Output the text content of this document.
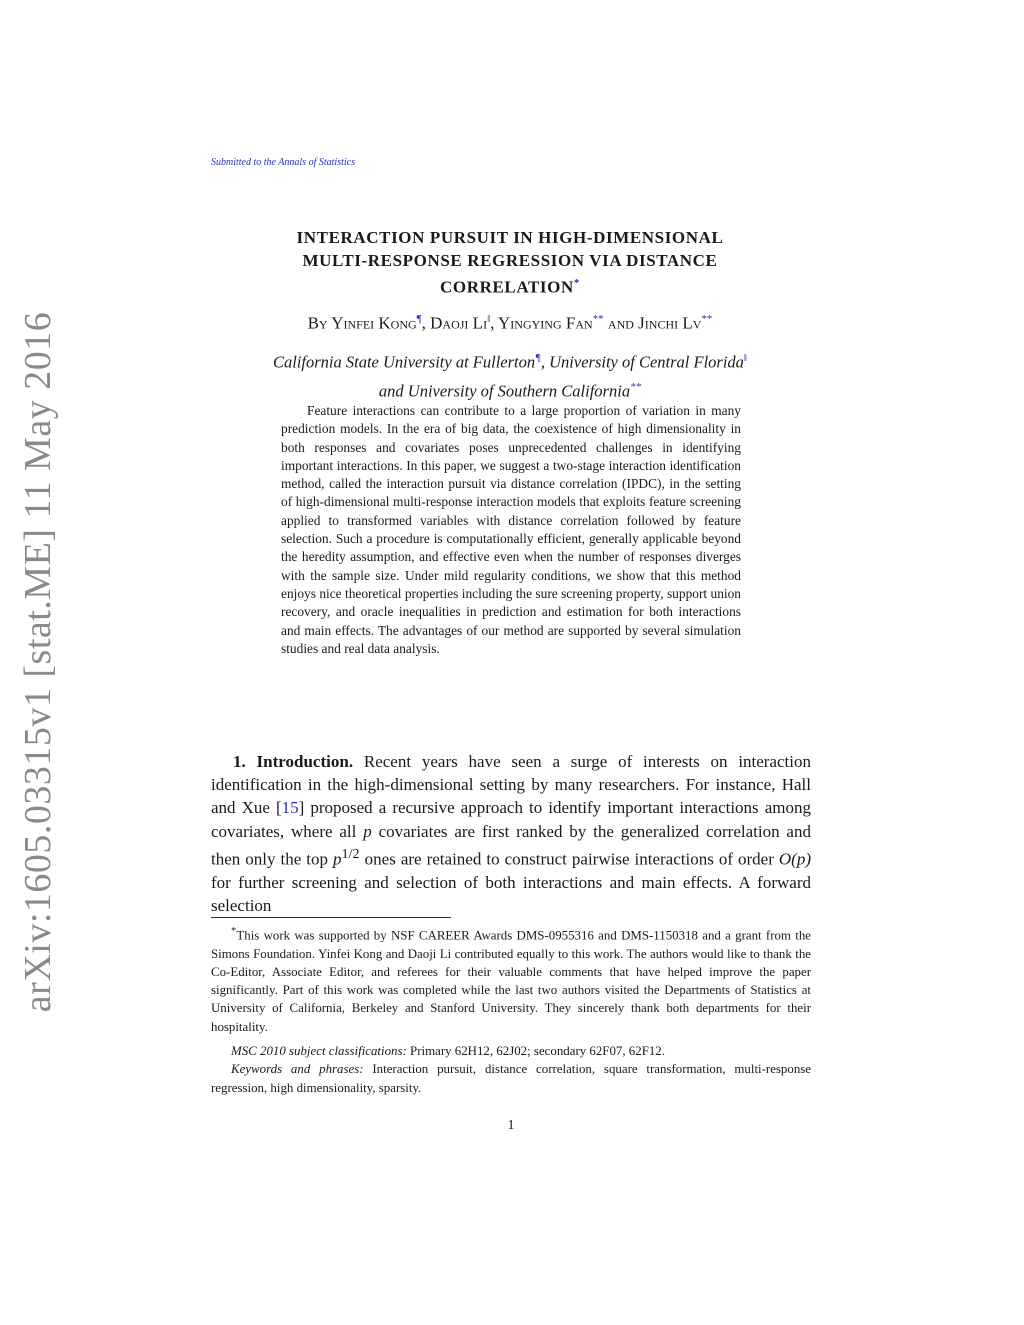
arXiv:1605.03315v1 [stat.ME] 11 May 2016
Submitted to the Annals of Statistics
INTERACTION PURSUIT IN HIGH-DIMENSIONAL
MULTI-RESPONSE REGRESSION VIA DISTANCE
CORRELATION*
By Yinfei Kong¶, Daoji Li‖, Yingying Fan** and Jinchi Lv**
California State University at Fullerton¶, University of Central Florida‖
and University of Southern California**
Feature interactions can contribute to a large proportion of variation in many prediction models. In the era of big data, the coexistence of high dimensionality in both responses and covariates poses unprecedented challenges in identifying important interactions. In this paper, we suggest a two-stage interaction identification method, called the interaction pursuit via distance correlation (IPDC), in the setting of high-dimensional multi-response interaction models that exploits feature screening applied to transformed variables with distance correlation followed by feature selection. Such a procedure is computationally efficient, generally applicable beyond the heredity assumption, and effective even when the number of responses diverges with the sample size. Under mild regularity conditions, we show that this method enjoys nice theoretical properties including the sure screening property, support union recovery, and oracle inequalities in prediction and estimation for both interactions and main effects. The advantages of our method are supported by several simulation studies and real data analysis.
1. Introduction. Recent years have seen a surge of interests on interaction identification in the high-dimensional setting by many researchers. For instance, Hall and Xue [15] proposed a recursive approach to identify important interactions among covariates, where all p covariates are first ranked by the generalized correlation and then only the top $p^{1/2}$ ones are retained to construct pairwise interactions of order O(p) for further screening and selection of both interactions and main effects. A forward selection

*This work was supported by NSF CAREER Awards DMS-0955316 and DMS-1150318 and a grant from the Simons Foundation. Yinfei Kong and Daoji Li contributed equally to this work. The authors would like to thank the Co-Editor, Associate Editor, and referees for their valuable comments that have helped improve the paper significantly. Part of this work was completed while the last two authors visited the Departments of Statistics at University of California, Berkeley and Stanford University. They sincerely thank both departments for their hospitality.

MSC 2010 subject classifications: Primary 62H12, 62J02; secondary 62F07, 62F12.

Keywords and phrases: Interaction pursuit, distance correlation, square transformation, multi-response regression, high dimensionality, sparsity.

1
